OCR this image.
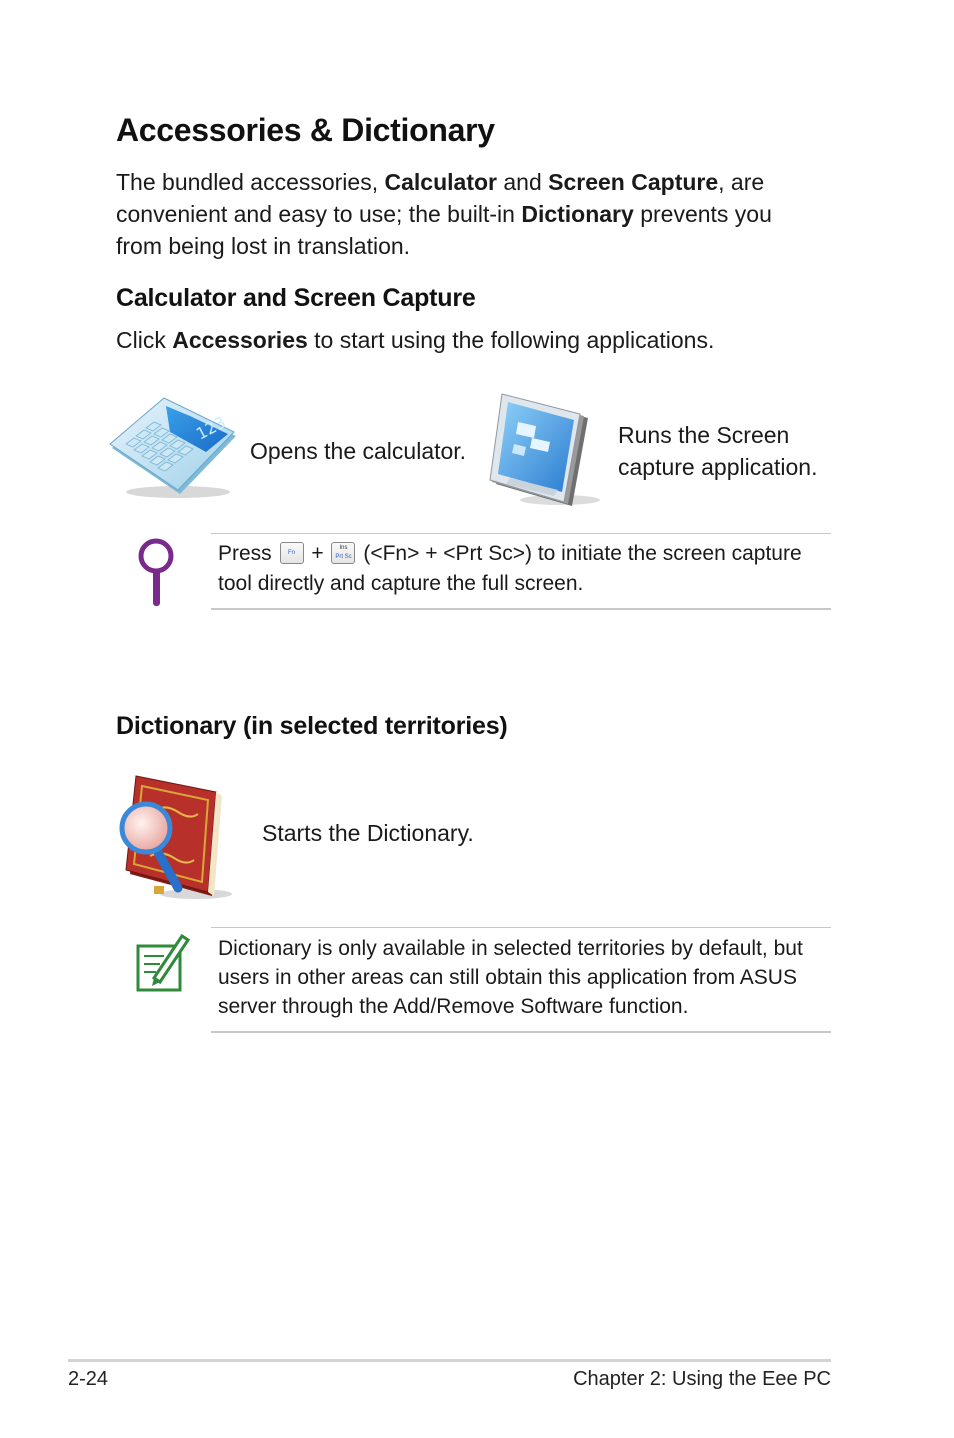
Accessories & Dictionary

The bundled accessories, Calculator and Screen Capture, are convenient and easy to use; the built-in Dictionary prevents you from being lost in translation.

Calculator and Screen Capture

Click Accessories to start using the following applications.

123

Opens the calculator.

Runs the Screen
capture application.

Press	Fn +	Ins
Prt Sc (<Fn> + <Prt Sc>) to initiate the screen capture
tool directly and capture the full screen.

Dictionary (in selected territories)

Starts the Dictionary.

Dictionary is only available in selected territories by default, but
users in other areas can still obtain this application from ASUS
server through the Add/Remove Software function.

2-24	Chapter 2: Using the Eee PC
